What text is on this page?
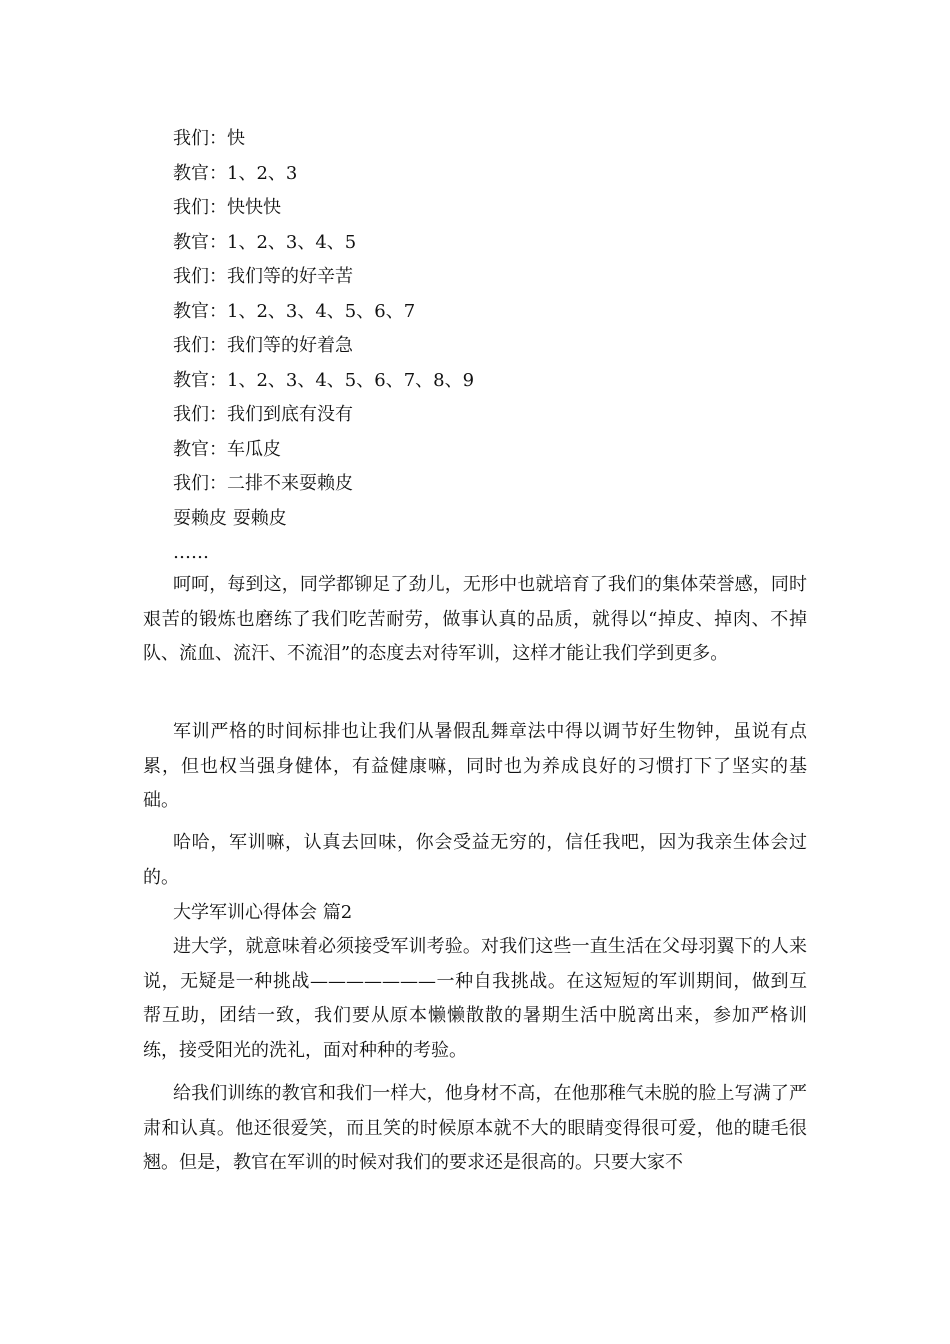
我们：快
教官：1、2、3
我们：快快快
教官：1、2、3、4、5
我们：我们等的好辛苦
教官：1、2、3、4、5、6、7
我们：我们等的好着急
教官：1、2、3、4、5、6、7、8、9
我们：我们到底有没有
教官：车瓜皮
我们：二排不来耍赖皮
耍赖皮 耍赖皮
……

呵呵，每到这，同学都铆足了劲儿，无形中也就培育了我们的集体荣誉感，同时艰苦的锻炼也磨练了我们吃苦耐劳，做事认真的品质，就得以“掉皮、掉肉、不掉队、流血、流汗、不流泪”的态度去对待军训，这样才能让我们学到更多。

军训严格的时间标排也让我们从暑假乱舞章法中得以调节好生物钟，虽说有点累，但也权当强身健体，有益健康嘛，同时也为养成良好的习惯打下了坚实的基础。

哈哈，军训嘛，认真去回味，你会受益无穷的，信任我吧，因为我亲生体会过的。

大学军训心得体会 篇2

进大学，就意味着必须接受军训考验。对我们这些一直生活在父母羽翼下的人来说，无疑是一种挑战———————一种自我挑战。在这短短的军训期间，做到互帮互助，团结一致，我们要从原本懒懒散散的暑期生活中脱离出来，参加严格训练，接受阳光的洗礼，面对种种的考验。

给我们训练的教官和我们一样大，他身材不高，在他那稚气未脱的脸上写满了严肃和认真。他还很爱笑，而且笑的时候原本就不大的眼睛变得很可爱，他的睫毛很翘。但是，教官在军训的时候对我们的要求还是很高的。只要大家不
